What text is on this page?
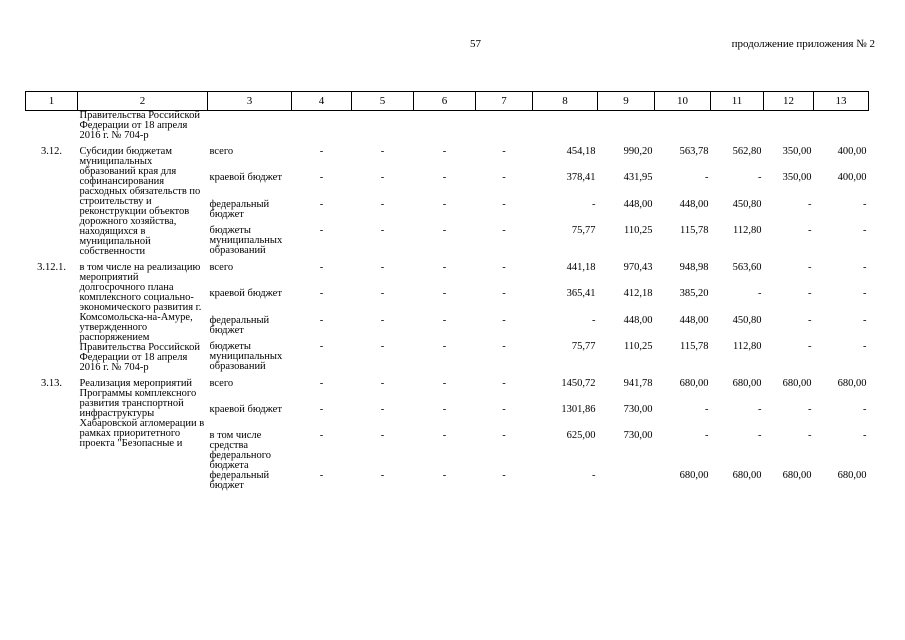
57	продолжение приложения № 2
1	2	3	4	5	6	7	8	9	10	11	12	13
	Правительства Российской Федерации от 18 апреля 2016 г. № 704-р											

3.12.	Субсидии бюджетам муниципальных образований края для софинансирования расходных обязательств по строительству и реконструкции объектов дорожного хозяйства, находящихся в муниципальной собственности	всего	-	-	-	-	454,18	990,20	563,78	562,80	350,00	400,00
		краевой бюджет	-	-	-	-	378,41	431,95	-	-	350,00	400,00
		федеральный бюджет	-	-	-	-	-	448,00	448,00	450,80	-	-
		бюджеты муниципальных образований	-	-	-	-	75,77	110,25	115,78	112,80	-	-

3.12.1.	в том числе на реализацию мероприятий долгосрочного плана комплексного социально-экономического развития г. Комсомольска-на-Амуре, утвержденного распоряжением Правительства Российской Федерации от 18 апреля 2016 г. № 704-р	всего	-	-	-	-	441,18	970,43	948,98	563,60	-	-
		краевой бюджет	-	-	-	-	365,41	412,18	385,20	-	-	-
		федеральный бюджет	-	-	-	-	-	448,00	448,00	450,80	-	-
		бюджеты муниципальных образований	-	-	-	-	75,77	110,25	115,78	112,80	-	-

3.13.	Реализация мероприятий Программы комплексного развития транспортной инфраструктуры Хабаровской агломерации в рамках приоритетного проекта "Безопасные и	всего	-	-	-	-	1450,72	941,78	680,00	680,00	680,00	680,00
		краевой бюджет	-	-	-	-	1301,86	730,00	-	-	-	-
		в том числе средства федерального бюджета	-	-	-	-	625,00	730,00	-	-	-	-
		федеральный бюджет	-	-	-	-	-		680,00	680,00	680,00	680,00
